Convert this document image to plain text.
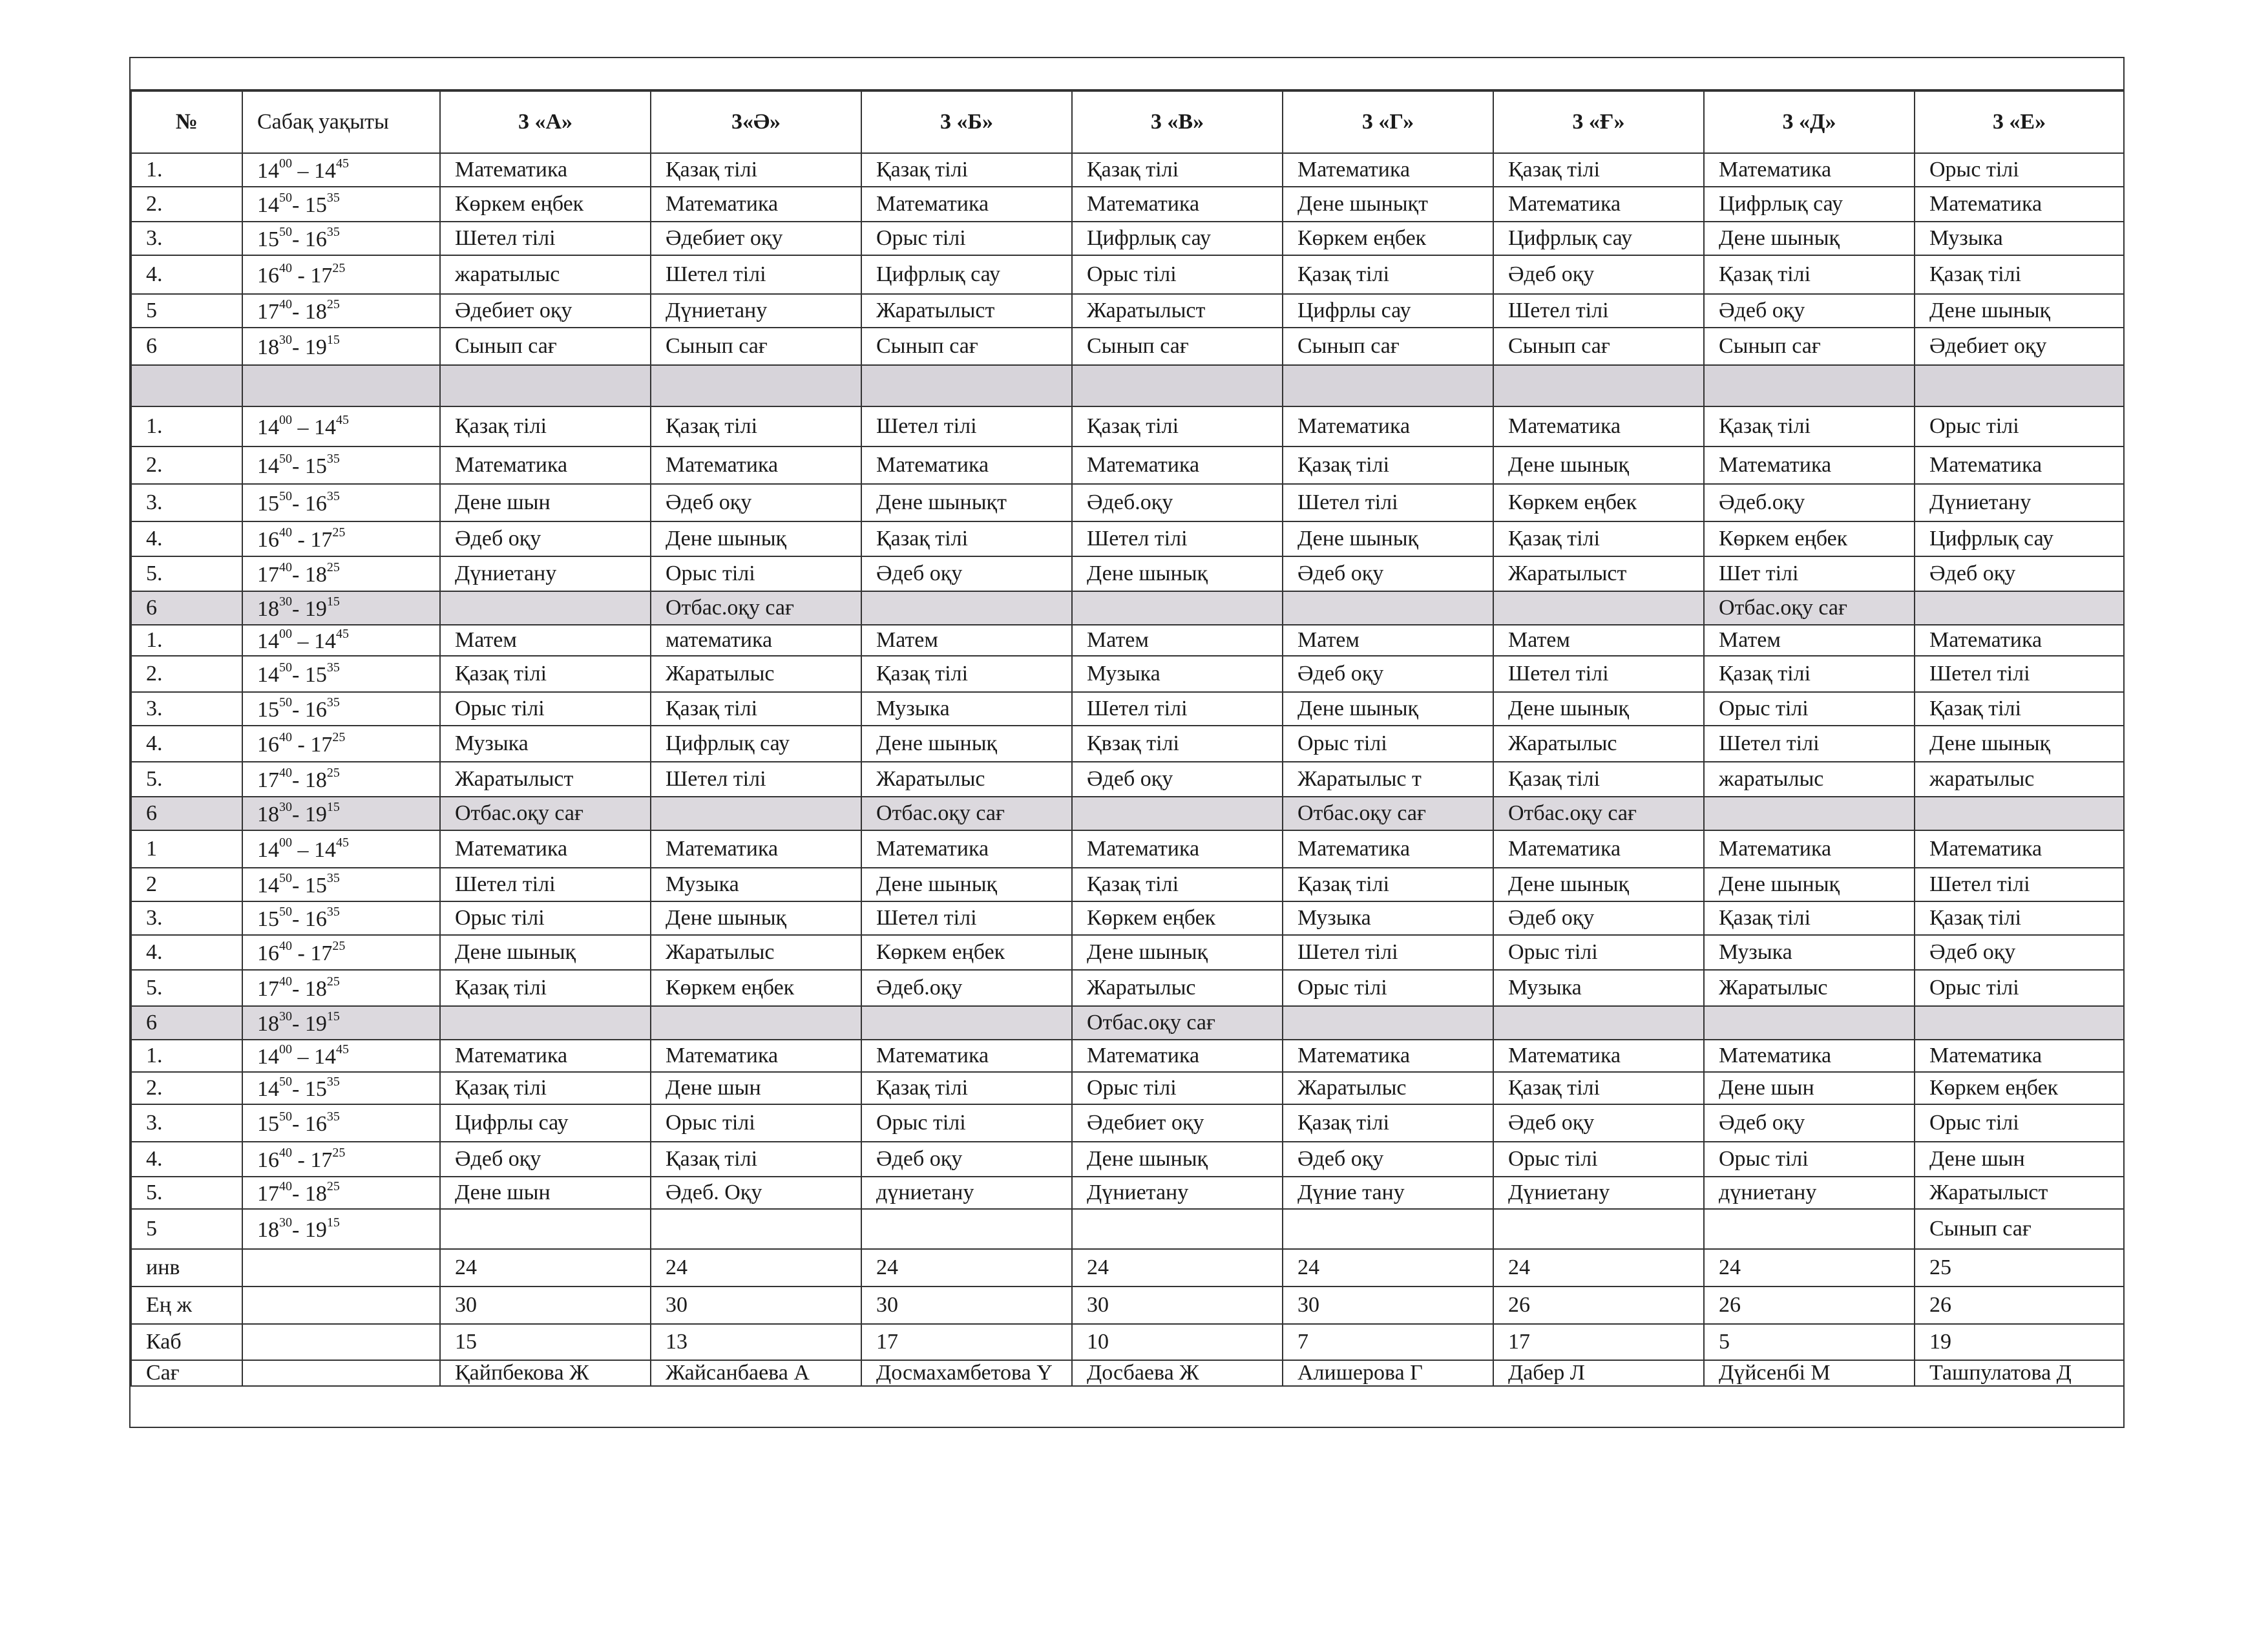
№	Сабақ уақыты	3 «А»	3«Ә»	3 «Б»	3 «В»	3 «Г»	3 «Ғ»	3 «Д»	3 «Е»
1.	$14^{00} - 14^{45}$	Математика	Қазақ тілі	Қазақ тілі	Қазақ тілі	Математика	Қазақ тілі	Математика	Орыс тілі
2.	$14^{50}-$ $15^{35}$	Көркем еңбек	Математика	Математика	Математика	Дене шынықт	Математика	Цифрлық сау	Математика
3.	$15^{50}-$ $16^{35}$	Шетел тілі	Әдебиет оқу	Орыс тілі	Цифрлық сау	Көркем еңбек	Цифрлық сау	Дене шынық	Музыка
4.	$16^{40} - 17^{25}$	жаратылыс	Шетел тілі	Цифрлық сау	Орыс тілі	Қазақ тілі	Әдеб оқу	Қазақ тілі	Қазақ тілі
5	$17^{40}-$ $18^{25}$	Әдебиет оқу	Дүниетану	Жаратылыст	Жаратылыст	Цифрлы сау	Шетел тілі	Әдеб оқу	Дене шынық
6	$18^{30}-$ $19^{15}$	Сынып сағ	Сынып сағ	Сынып сағ	Сынып сағ	Сынып сағ	Сынып сағ	Сынып сағ	Әдебиет оқу

1.	$14^{00} - 14^{45}$	Қазақ тілі	Қазақ тілі	Шетел тілі	Қазақ тілі	Математика	Математика	Қазақ тілі	Орыс тілі
2.	$14^{50}-$ $15^{35}$	Математика	Математика	Математика	Математика	Қазақ тілі	Дене шынық	Математика	Математика
3.	$15^{50}-$ $16^{35}$	Дене шын	Әдеб оқу	Дене шынықт	Әдеб.оқу	Шетел тілі	Көркем еңбек	Әдеб.оқу	Дүниетану
4.	$16^{40} - 17^{25}$	Әдеб оқу	Дене шынық	Қазақ тілі	Шетел тілі	Дене шынық	Қазақ тілі	Көркем еңбек	Цифрлық сау
5.	$17^{40}-$ $18^{25}$	Дүниетану	Орыс тілі	Әдеб оқу	Дене шынық	Әдеб оқу	Жаратылыст	Шет тілі	Әдеб оқу
6	$18^{30}-$ $19^{15}$		Отбас.оқу сағ					Отбас.оқу сағ	
1.	$14^{00} - 14^{45}$	Матем	математика	Матем	Матем	Матем	Матем	Матем	Математика
2.	$14^{50}-$ $15^{35}$	Қазақ тілі	Жаратылыс	Қазақ тілі	Музыка	Әдеб оқу	Шетел тілі	Қазақ тілі	Шетел тілі
3.	$15^{50}-$ $16^{35}$	Орыс тілі	Қазақ тілі	Музыка	Шетел тілі	Дене шынық	Дене шынық	Орыс тілі	Қазақ тілі
4.	$16^{40} - 17^{25}$	Музыка	Цифрлық сау	Дене шынық	Қвзақ тілі	Орыс тілі	Жаратылыс	Шетел тілі	Дене шынық
5.	$17^{40}-$ $18^{25}$	Жаратылыст	Шетел тілі	Жаратылыс	Әдеб оқу	Жаратылыс т	Қазақ тілі	жаратылыс	жаратылыс
6	$18^{30}-$ $19^{15}$	Отбас.оқу сағ		Отбас.оқу сағ		Отбас.оқу сағ	Отбас.оқу сағ		
1	$14^{00} - 14^{45}$	Математика	Математика	Математика	Математика	Математика	Математика	Математика	Математика
2	$14^{50}-$ $15^{35}$	Шетел тілі	Музыка	Дене шынық	Қазақ тілі	Қазақ тілі	Дене шынық	Дене шынық	Шетел тілі
3.	$15^{50}-$ $16^{35}$	Орыс тілі	Дене шынық	Шетел тілі	Көркем еңбек	Музыка	Әдеб оқу	Қазақ тілі	Қазақ тілі
4.	$16^{40} - 17^{25}$	Дене шынық	Жаратылыс	Көркем еңбек	Дене шынық	Шетел тілі	Орыс тілі	Музыка	Әдеб оқу
5.	$17^{40}-$ $18^{25}$	Қазақ тілі	Көркем еңбек	Әдеб.оқу	Жаратылыс	Орыс тілі	Музыка	Жаратылыс	Орыс тілі
6	$18^{30}-$ $19^{15}$				Отбас.оқу сағ				
1.	$14^{00} - 14^{45}$	Математика	Математика	Математика	Математика	Математика	Математика	Математика	Математика
2.	$14^{50}-$ $15^{35}$	Қазақ тілі	Дене шын	Қазақ тілі	Орыс тілі	Жаратылыс	Қазақ тілі	Дене шын	Көркем еңбек
3.	$15^{50}-$ $16^{35}$	Цифрлы сау	Орыс тілі	Орыс тілі	Әдебиет оқу	Қазақ тілі	Әдеб оқу	Әдеб оқу	Орыс тілі
4.	$16^{40} - 17^{25}$	Әдеб оқу	Қазақ тілі	Әдеб оқу	Дене шынық	Әдеб оқу	Орыс тілі	Орыс тілі	Дене шын
5.	$17^{40}-$ $18^{25}$	Дене шын	Әдеб. Оқу	дүниетану	Дүниетану	Дүние тану	Дүниетану	дүниетану	Жаратылыст
5	$18^{30}-$ $19^{15}$								Сынып сағ
инв		24	24	24	24	24	24	24	25
Ең ж		30	30	30	30	30	26	26	26
Каб		15	13	17	10	7	17	5	19
Сағ		Қайпбекова Ж	Жайсанбаева А	Досмахамбетова Ү	Досбаева Ж	Алишерова Г	Дабер Л	Дүйсенбі М	Ташпулатова Д
